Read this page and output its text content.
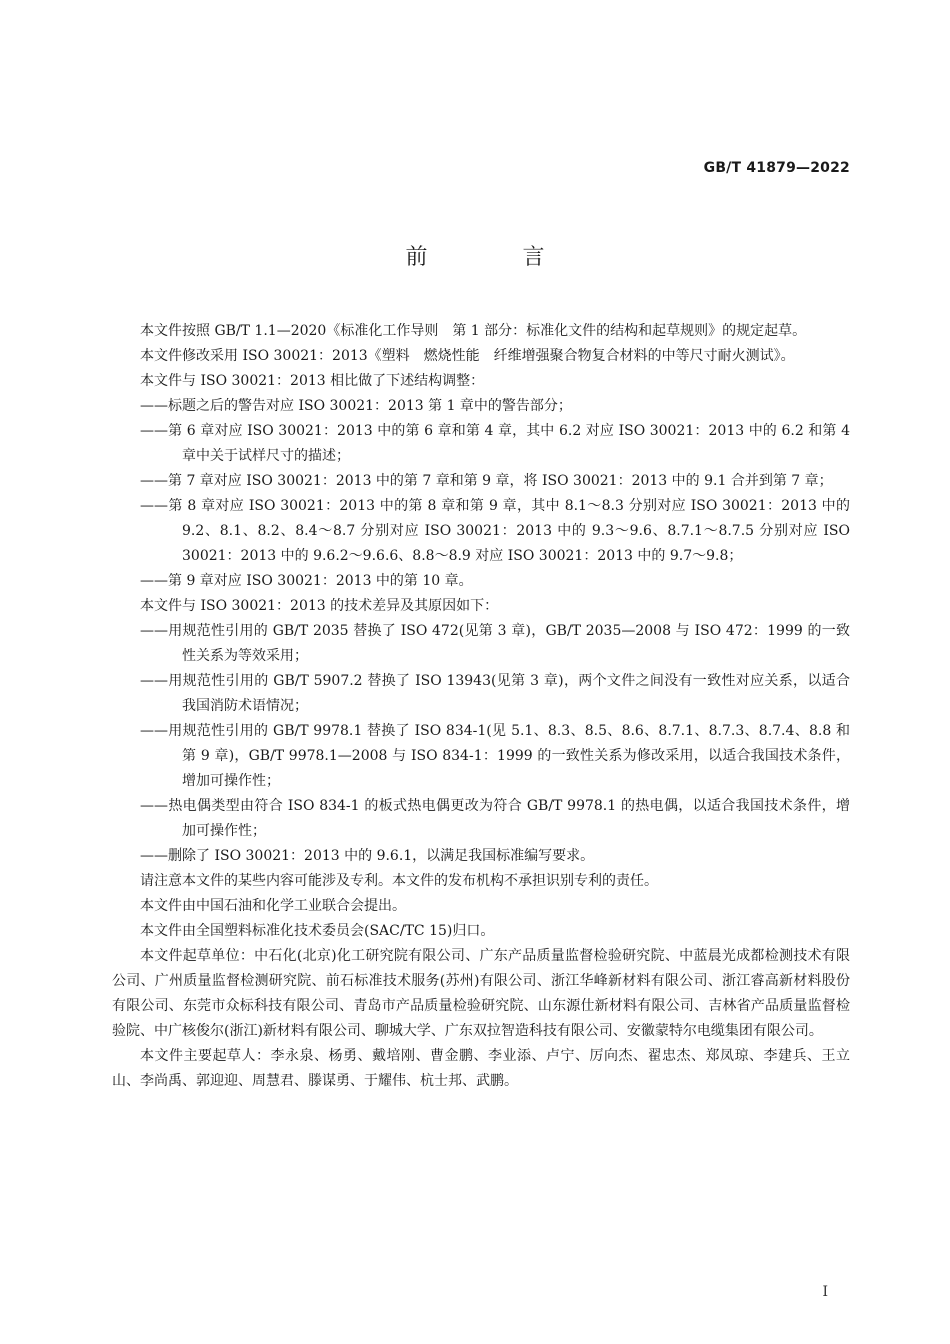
GB/T 41879—2022
前 言

本文件按照 GB/T 1.1—2020《标准化工作导则　第 1 部分：标准化文件的结构和起草规则》的规定起草。

本文件修改采用 ISO 30021：2013《塑料　燃烧性能　纤维增强聚合物复合材料的中等尺寸耐火测试》。

本文件与 ISO 30021：2013 相比做了下述结构调整：

——标题之后的警告对应 ISO 30021：2013 第 1 章中的警告部分；

——第 6 章对应 ISO 30021：2013 中的第 6 章和第 4 章，其中 6.2 对应 ISO 30021：2013 中的 6.2 和第 4 章中关于试样尺寸的描述；

——第 7 章对应 ISO 30021：2013 中的第 7 章和第 9 章，将 ISO 30021：2013 中的 9.1 合并到第 7 章；

——第 8 章对应 ISO 30021：2013 中的第 8 章和第 9 章，其中 8.1～8.3 分别对应 ISO 30021：2013 中的 9.2、8.1、8.2、8.4～8.7 分别对应 ISO 30021：2013 中的 9.3～9.6、8.7.1～8.7.5 分别对应 ISO 30021：2013 中的 9.6.2～9.6.6、8.8～8.9 对应 ISO 30021：2013 中的 9.7～9.8；

——第 9 章对应 ISO 30021：2013 中的第 10 章。

本文件与 ISO 30021：2013 的技术差异及其原因如下：

——用规范性引用的 GB/T 2035 替换了 ISO 472(见第 3 章)，GB/T 2035—2008 与 ISO 472：1999 的一致性关系为等效采用；

——用规范性引用的 GB/T 5907.2 替换了 ISO 13943(见第 3 章)，两个文件之间没有一致性对应关系，以适合我国消防术语情况；

——用规范性引用的 GB/T 9978.1 替换了 ISO 834-1(见 5.1、8.3、8.5、8.6、8.7.1、8.7.3、8.7.4、8.8 和第 9 章)，GB/T 9978.1—2008 与 ISO 834-1：1999 的一致性关系为修改采用，以适合我国技术条件，增加可操作性；

——热电偶类型由符合 ISO 834-1 的板式热电偶更改为符合 GB/T 9978.1 的热电偶，以适合我国技术条件，增加可操作性；

——删除了 ISO 30021：2013 中的 9.6.1，以满足我国标准编写要求。

请注意本文件的某些内容可能涉及专利。本文件的发布机构不承担识别专利的责任。

本文件由中国石油和化学工业联合会提出。

本文件由全国塑料标准化技术委员会(SAC/TC 15)归口。

本文件起草单位：中石化(北京)化工研究院有限公司、广东产品质量监督检验研究院、中蓝晨光成都检测技术有限公司、广州质量监督检测研究院、前石标准技术服务(苏州)有限公司、浙江华峰新材料有限公司、浙江睿高新材料股份有限公司、东莞市众标科技有限公司、青岛市产品质量检验研究院、山东源仕新材料有限公司、吉林省产品质量监督检验院、中广核俊尔(浙江)新材料有限公司、聊城大学、广东双拉智造科技有限公司、安徽蒙特尔电缆集团有限公司。

本文件主要起草人：李永泉、杨勇、戴培刚、曹金鹏、李业添、卢宁、厉向杰、翟忠杰、郑凤琼、李建兵、王立山、李尚禹、郭迎迎、周慧君、滕谋勇、于耀伟、杭士邦、武鹏。

I
